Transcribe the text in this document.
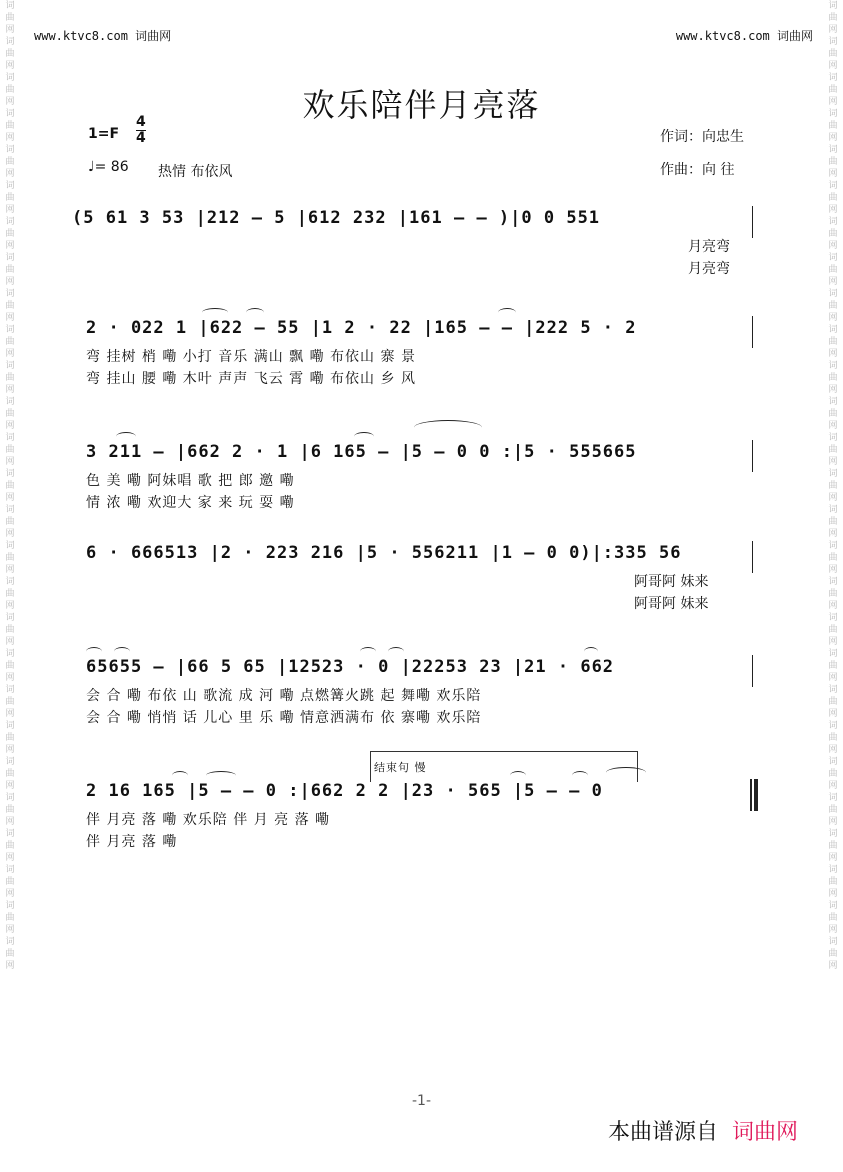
www.ktvc8.com 词曲网	www.ktvc8.com 词曲网
词曲网词曲网词曲网词曲网词曲网词曲网词曲网词曲网词曲网词曲网词曲网词曲网词曲网词曲网词曲网词曲网词曲网词曲网词曲网词曲网词曲网词曲网词曲网词曲网词曲网词曲网词曲网
词曲网词曲网词曲网词曲网词曲网词曲网词曲网词曲网词曲网词曲网词曲网词曲网词曲网词曲网词曲网词曲网词曲网词曲网词曲网词曲网词曲网词曲网词曲网词曲网词曲网词曲网词曲网
欢乐陪伴月亮落
1=F
4
4
♩= 86 热情 布依风
作词：向忠生
作曲：向 往
(5 61 3 53 |212 – 5 |612 232 |161 – – )|0 0 551
月亮弯
月亮弯
2 · 022 1 |622 – 55 |1 2 · 22 |165 – – |222 5 · 2
弯 挂树 梢 嘞 小打 音乐 满山 飘 嘞 布依山 寨 景
弯 挂山 腰 嘞 木叶 声声 飞云 霄 嘞 布依山 乡 风
3 211 – |662 2 · 1 |6 165 – |5 – 0 0 :|5 · 555665
色 美 嘞 阿妹唱 歌 把 郎 邀 嘞
情 浓 嘞 欢迎大 家 来 玩 耍 嘞
6 · 666513 |2 · 223 216 |5 · 556211 |1 – 0 0)|:335 56
阿哥阿 妹来
阿哥阿 妹来
65655 – |66 5 65 |12523 · 0 |22253 23 |21 · 662
会 合 嘞 布依 山 歌流 成 河 嘞 点燃篝火跳 起 舞嘞 欢乐陪
会 合 嘞 悄悄 话 儿心 里 乐 嘞 情意洒满布 依 寨嘞 欢乐陪
结束句 慢
2 16 165 |5 – – 0 :|662 2 2 |23 · 565 |5 – – 0
伴 月亮 落 嘞 欢乐陪 伴 月 亮 落 嘞
伴 月亮 落 嘞
-1-
本曲谱源自 词曲网
